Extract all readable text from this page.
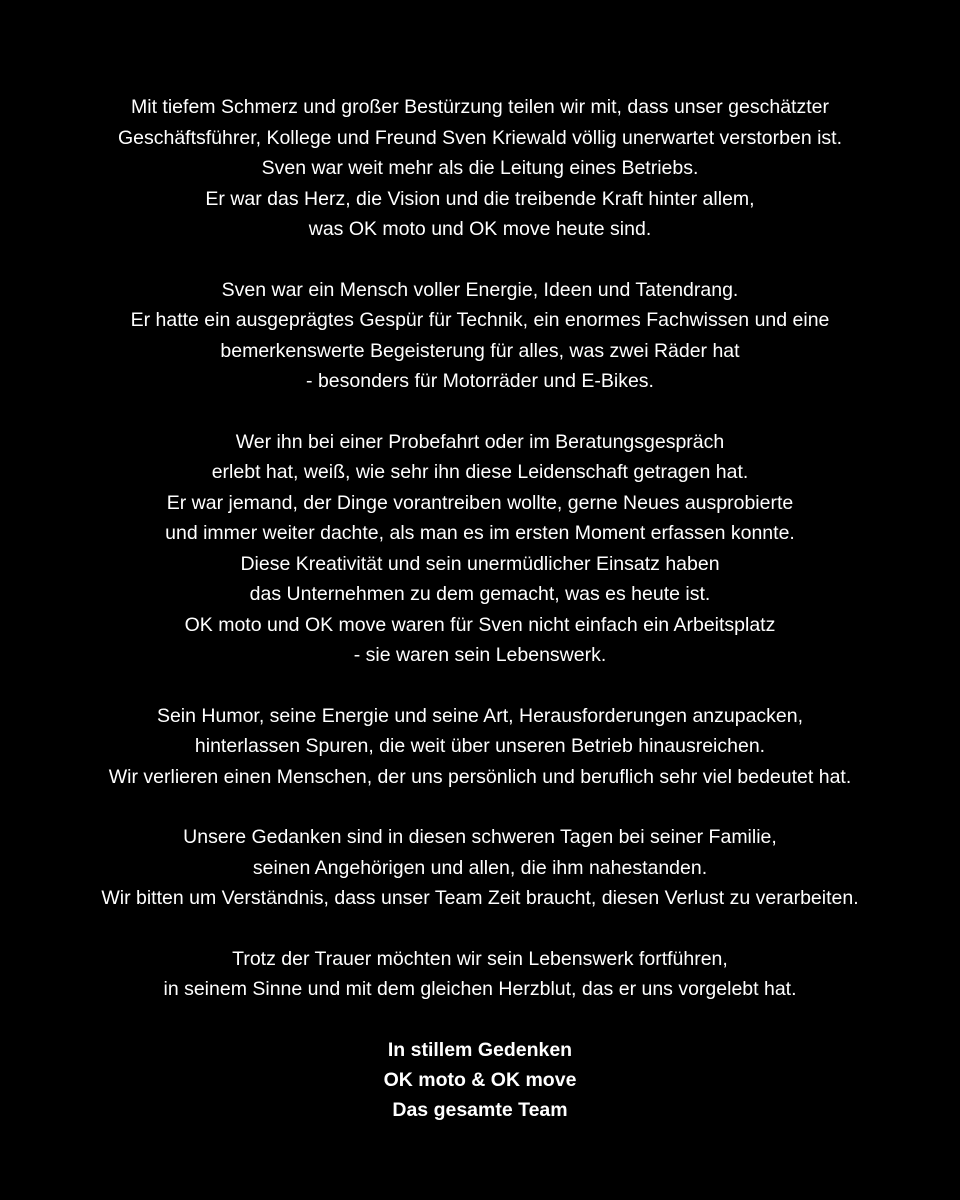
Mit tiefem Schmerz und großer Bestürzung teilen wir mit, dass unser geschätzter
Geschäftsführer, Kollege und Freund Sven Kriewald völlig unerwartet verstorben ist.
Sven war weit mehr als die Leitung eines Betriebs.
Er war das Herz, die Vision und die treibende Kraft hinter allem,
was OK moto und OK move heute sind.
Sven war ein Mensch voller Energie, Ideen und Tatendrang.
Er hatte ein ausgeprägtes Gespür für Technik, ein enormes Fachwissen und eine
bemerkenswerte Begeisterung für alles, was zwei Räder hat
- besonders für Motorräder und E-Bikes.
Wer ihn bei einer Probefahrt oder im Beratungsgespräch
erlebt hat, weiß, wie sehr ihn diese Leidenschaft getragen hat.
Er war jemand, der Dinge vorantreiben wollte, gerne Neues ausprobierte
und immer weiter dachte, als man es im ersten Moment erfassen konnte.
Diese Kreativität und sein unermüdlicher Einsatz haben
das Unternehmen zu dem gemacht, was es heute ist.
OK moto und OK move waren für Sven nicht einfach ein Arbeitsplatz
- sie waren sein Lebenswerk.
Sein Humor, seine Energie und seine Art, Herausforderungen anzupacken,
hinterlassen Spuren, die weit über unseren Betrieb hinausreichen.
Wir verlieren einen Menschen, der uns persönlich und beruflich sehr viel bedeutet hat.
Unsere Gedanken sind in diesen schweren Tagen bei seiner Familie,
seinen Angehörigen und allen, die ihm nahestanden.
Wir bitten um Verständnis, dass unser Team Zeit braucht, diesen Verlust zu verarbeiten.
Trotz der Trauer möchten wir sein Lebenswerk fortführen,
in seinem Sinne und mit dem gleichen Herzblut, das er uns vorgelebt hat.
In stillem Gedenken
OK moto & OK move
Das gesamte Team
